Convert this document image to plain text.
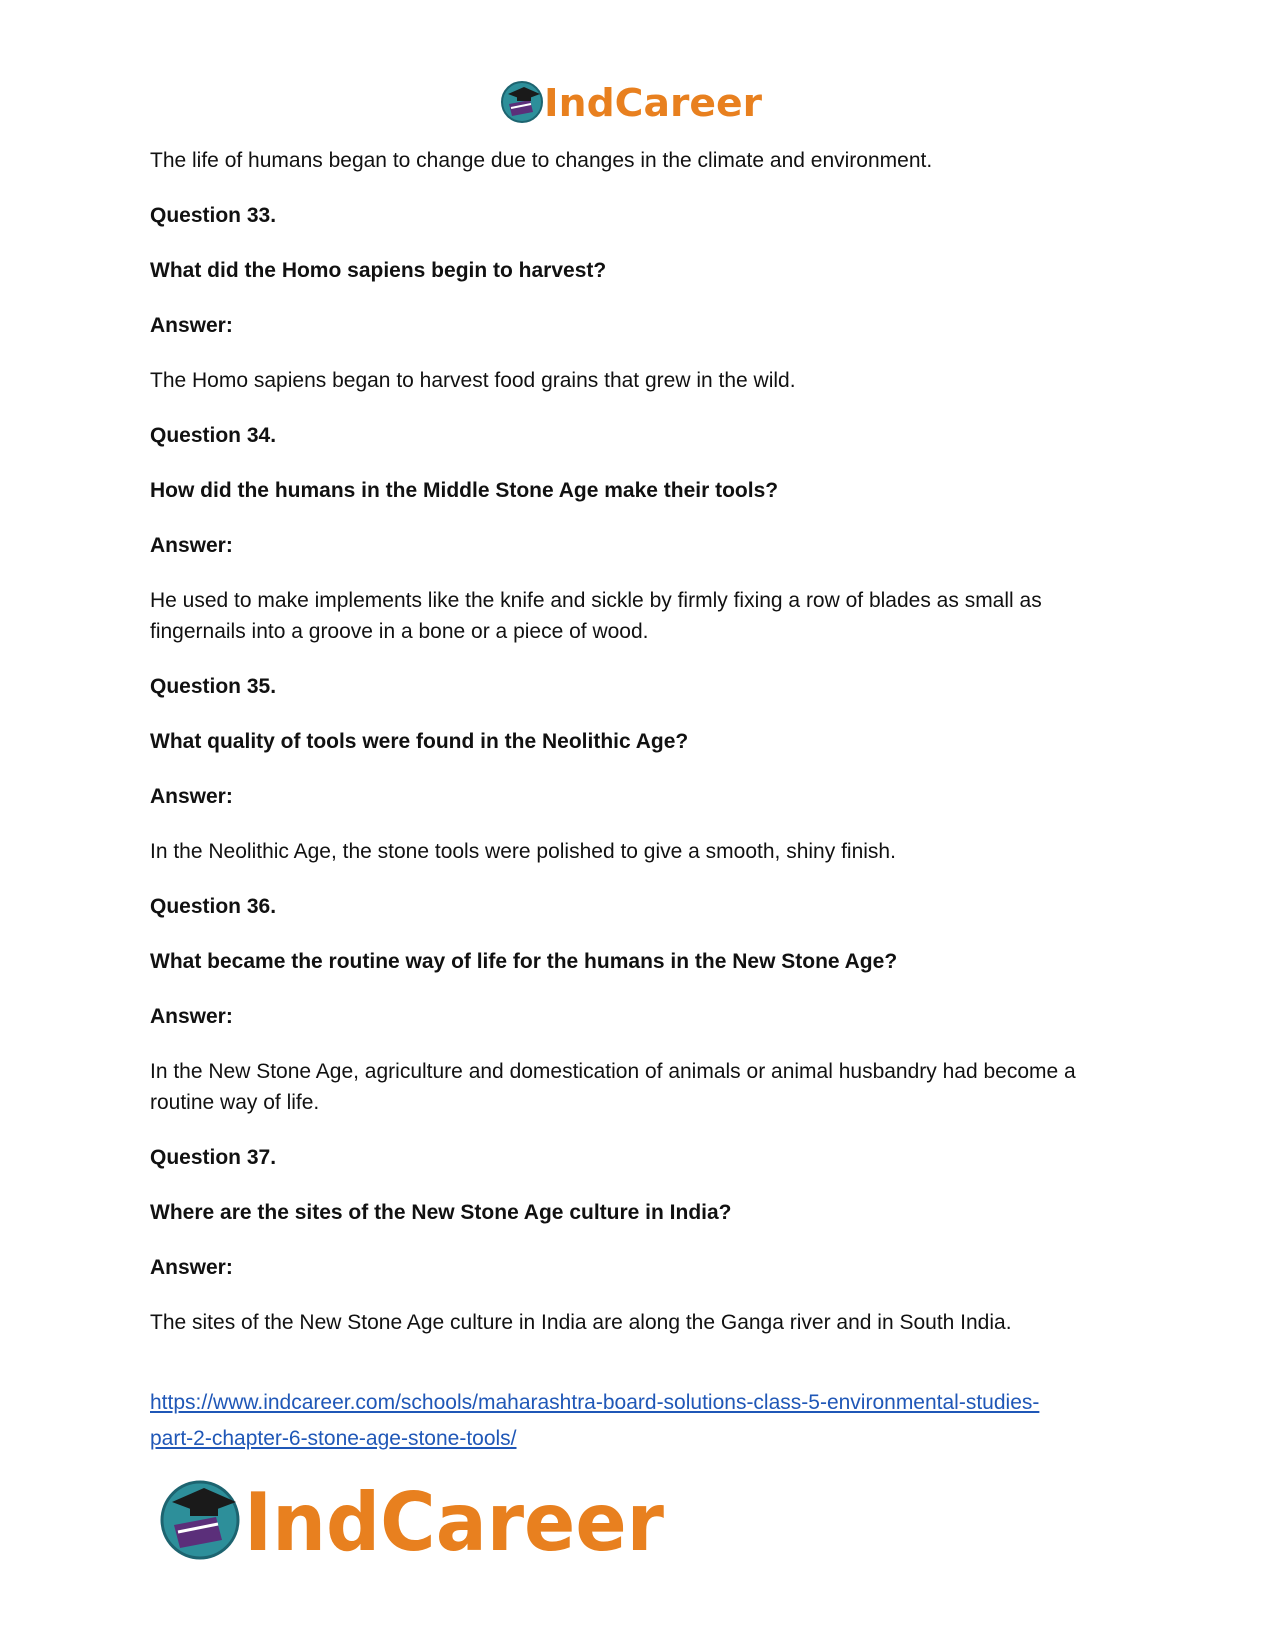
IndCareer

The life of humans began to change due to changes in the climate and environment.

Question 33.

What did the Homo sapiens begin to harvest?

Answer:

The Homo sapiens began to harvest food grains that grew in the wild.

Question 34.

How did the humans in the Middle Stone Age make their tools?

Answer:

He used to make implements like the knife and sickle by firmly fixing a row of blades as small as fingernails into a groove in a bone or a piece of wood.

Question 35.

What quality of tools were found in the Neolithic Age?

Answer:

In the Neolithic Age, the stone tools were polished to give a smooth, shiny finish.

Question 36.

What became the routine way of life for the humans in the New Stone Age?

Answer:

In the New Stone Age, agriculture and domestication of animals or animal husbandry had become a routine way of life.

Question 37.

Where are the sites of the New Stone Age culture in India?

Answer:

The sites of the New Stone Age culture in India are along the Ganga river and in South India.

https://www.indcareer.com/schools/maharashtra-board-solutions-class-5-environmental-studies-
part-2-chapter-6-stone-age-stone-tools/
IndCareer
